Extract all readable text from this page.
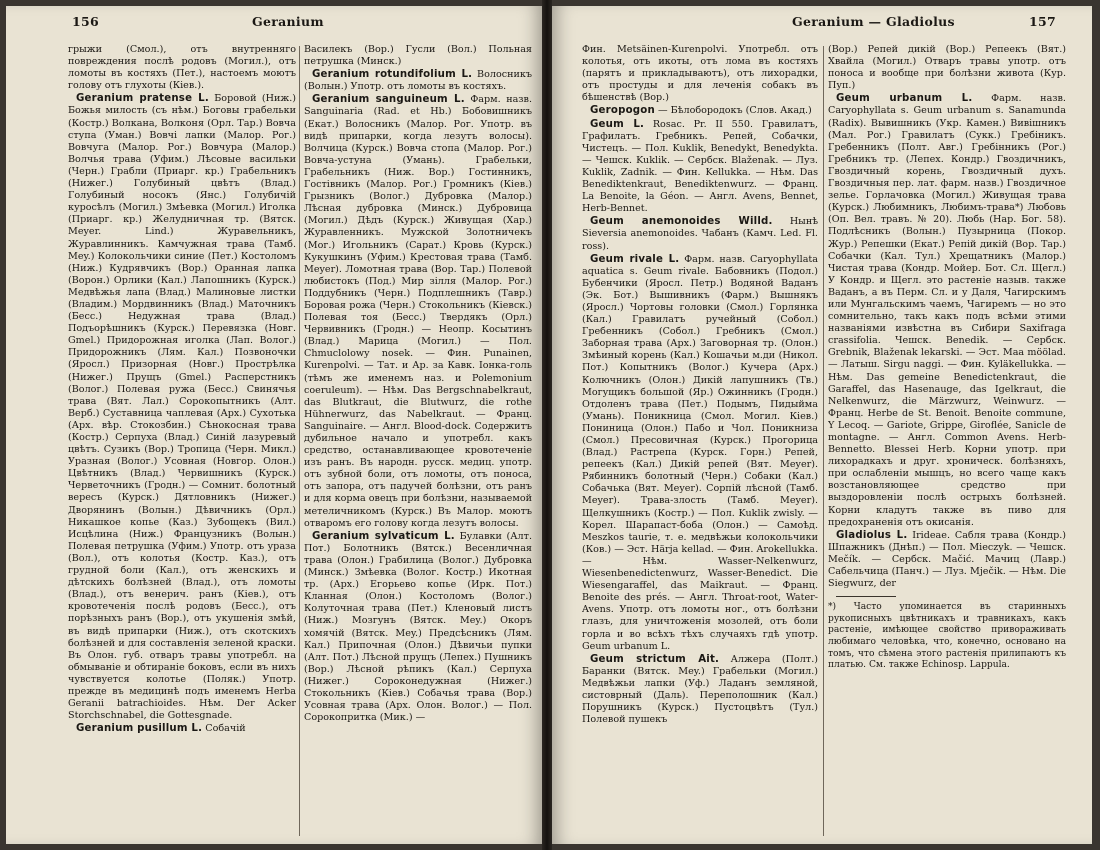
156	Geranium

грыжи (Смол.), отъ внутренняго повреждения послѣ родовъ (Могил.), отъ ломоты въ костяхъ (Пет.), настоемъ моютъ голову отъ глухоты (Кіев.).

Geranium pratense L. Боровой (Ниж.) Божья милость (съ нѣм.) Боговы грабельки (Костр.) Волкана, Волконя (Орл. Тар.) Вовча ступа (Уман.) Вовчі лапки (Малор. Рог.) Вовчуга (Малор. Рог.) Вовчура (Малор.) Волчья трава (Уфим.) Лѣсовые васильки (Черн.) Грабли (Приарг. кр.) Грабельникъ (Нижег.) Голубиный цвѣтъ (Влад.) Голубиный носокъ (Янс.) Голубичій куросѣлъ (Могил.) Змѣевка (Могил.) Иголка (Приарг. кр.) Желудничная тр. (Вятск. Meyer. Lind.) Журавельникъ, Журавлинникъ. Камчужная трава (Тамб. Mey.) Колокольчики синие (Пет.) Костоломъ (Ниж.) Кудрявчикъ (Вор.) Оранная лапка (Ворон.) Орлики (Кал.) Лапошникъ (Курск.) Медвѣжья лапа (Влад.) Малиновые листки (Владим.) Мордвинникъ (Влад.) Маточникъ (Бесс.) Недужная трава (Влад.) Подъорѣшникъ (Курск.) Перевязка (Новг. Gmel.) Придорожная иголка (Лап. Волог.) Придорожникъ (Лям. Кал.) Позвоночки (Яросл.) Призорная (Новг.) Прострѣлка (Нижег.) Прущъ (Gmel.) Расперстникъ (Волог.) Полевая ружа (Бесс.) Свинячья трава (Вят. Лал.) Сорокопытникъ (Алт. Верб.) Суставница чаплевая (Арх.) Сухотька (Арх. вѣр. Стокозбин.) Сѣнокосная трава (Костр.) Серпуха (Влад.) Синій лазуревый цвѣтъ. Сузикъ (Вор.) Тропица (Черн. Микл.) Уразная (Волог.) Усовная (Новгор. Олон.) Цвѣтникъ (Влад.) Червишникъ (Курск.) Черветочникъ (Гродн.) — Сомнит. болотный вересъ (Курск.) Дятловникъ (Нижег.) Дворянинъ (Волын.) Дѣвичникъ (Орл.) Никашкое копье (Каз.) Зубощекъ (Вил.) Исцѣлина (Ниж.) Французникъ (Волын.) Полевая петрушка (Уфим.) Употр. отъ ураза (Вол.), отъ колотья (Костр. Каз.), отъ грудной боли (Кал.), отъ женскихъ и дѣтскихъ болѣзней (Влад.), отъ ломоты (Влад.), отъ венерич. ранъ (Кiев.), отъ кровотеченія послѣ родовъ (Бесс.), отъ порѣзныхъ ранъ (Вор.), отъ укушенія змѣй, въ видѣ припарки (Ниж.), отъ скотскихъ болѣзней и для составленія зеленой краски. Въ Олон. губ. отваръ травы употребл. на обмываніе и обтираніе боковъ, если въ нихъ чувствуется колотье (Поляк.) Употр. прежде въ медицинѣ подъ именемъ Herba Geranii batrachioides. Нѣм. Der Acker Storchschnabel, die Gottesgnade.

Geranium pusillum L. Собачій

Василекъ (Вор.) Гусли (Вол.) Польная петрушка (Минск.)

Geranium rotundifolium L. Волосникъ (Волын.) Употр. отъ ломоты въ костяхъ.

Geranium sanguineum L. Фарм. назв. Sanguinaria (Rad. et Hb.) Бобовишникъ (Екат.) Волосникъ (Малор. Рог. Употр. въ видѣ припарки, когда лезутъ волосы). Волчица (Курск.) Вовча стопа (Малор. Рог.) Вовча-устуна (Умань). Грабельки, Грабельникъ (Ниж. Вор.) Гостинникъ, Гостівникъ (Малор. Рог.) Громникъ (Кіев.) Грызникъ (Волог.) Дубровка (Малор.) Лѣсная дубровка (Минск.) Дубровица (Могил.) Дѣдъ (Курск.) Живущая (Хар.) Журавленникъ. Мужской Золотничекъ (Мог.) Игольникъ (Сарат.) Кровь (Курск.) Кукушкинъ (Уфим.) Крестовая трава (Тамб. Meyer). Ломотная трава (Вор. Тар.) Полевой любистокъ (Под.) Мир зілля (Малор. Рог.) Поддубникъ (Черн.) Подплешникъ (Тавр.) Боровая рожа (Черн.) Стокольникъ (Кіевск.) Полевая тоя (Бесс.) Твердякъ (Орл.) Червивникъ (Гродн.) — Неопр. Косытинъ (Влад.) Марица (Могил.) — Пол. Chmuclolowy nosek. — Фин. Punainen, Kurenpolvi. — Тат. и Ар. за Кавк. Іонка-голь (тѣмъ же именемъ наз. и Polemonium coeruleum). — Нѣм. Das Bergschnabelkraut, das Blutkraut, die Blutwurz, die rothe Hühnerwurz, das Nabelkraut. — Франц. Sanguinaire. — Англ. Blood-dock. Содержитъ дубильное начало и употребл. какъ средство, останавливающее кровотеченіе изъ ранъ. Въ народн. русск. медиц. употр. отъ зубной боли, отъ ломоты, отъ поноса, отъ запора, отъ падучей болѣзни, отъ ранъ и для корма овецъ при болѣзни, называемой метеличникомъ (Курск.) Въ Малор. моютъ отваромъ его голову когда лезутъ волосы.

Geranium sylvaticum L. Булавки (Алт. Пот.) Болотникъ (Вятск.) Весенличная трава (Олон.) Грабилица (Волог.) Дубровка (Минск.) Змѣевка (Волог. Костр.) Икотная тр. (Арх.) Егорьево копье (Ирк. Пот.) Кланная (Олон.) Костоломъ (Волог.) Колуточная трава (Пет.) Кленовый листъ (Ниж.) Мозгунъ (Вятск. Мey.) Окоръ хомячій (Вятск. Мey.) Предсѣсникъ (Лям. Кал.) Припочная (Олон.) Дѣвичьи пупки (Алт. Пот.) Лѣсной прущъ (Лепех.) Пушникъ (Вор.) Лѣсной рѣпикъ (Кал.) Серпуха (Нижег.) Сороконедужная (Нижег.) Стокольникъ (Кіев.) Собачья трава (Вор.) Усовная трава (Арх. Олон. Волог.) — Пол. Сорокопритка (Мик.) —

Geranium — Gladiolus	157

Фин. Metsäinen-Kurenpolvi. Употребл. отъ колотья, отъ икоты, отъ лома въ костяхъ (парятъ и прикладываютъ), отъ лихорадки, отъ простуды и для леченія собакъ въ бѣшенствѣ (Вор.)

Geropogon — Бѣлобородокъ (Слов. Акад.)

Geum L. Rosac. Pr. II 550. Гравилатъ, Графилатъ. Гребникъ. Репей, Собачки, Чистецъ. — Пол. Kuklik, Benedykt, Benedykta. — Чешск. Kuklik. — Сербск. Blaženak. — Луз. Kuklik, Zadnik. — Фин. Kellukka. — Нѣм. Das Benediktenkraut, Benediktenwurz. — Франц. La Benoite, la Géon. — Англ. Avens, Bennet, Herb-Bennet.

Geum anemonoides Willd. Нынѣ Sieversia anemonoides. Чабанъ (Камч. Led. Fl. ross).

Geum rivale L. Фарм. назв. Caryophyllata aquatica s. Geum rivale. Бабовникъ (Подол.) Бубенчики (Яросл. Петр.) Водяной Ваданъ (Эк. Бот.) Вышивникъ (Фарм.) Вышнякъ (Яросл.) Чортовы головки (Смол.) Горлянка (Кал.) Гравилатъ ручейный (Собол.) Гребенникъ (Собол.) Гребникъ (Смол.) Заборная трава (Арх.) Заговорная тр. (Олон.) Змѣиный корень (Кал.) Кошачьи м.ди (Никол. Пот.) Копытникъ (Волог.) Кучера (Арх.) Колючникъ (Олон.) Дикій лапушникъ (Тв.) Могущикъ большой (Яр.) Ожинникъ (Гродн.) Отдоленъ трава (Пет.) Подымъ, Пидыйма (Умань). Поникница (Смол. Могил. Кіев.) Пониница (Олон.) Пабо и Чол. Поникниза (Смол.) Пресовичная (Курск.) Прогорица (Влад.) Растрепа (Курск. Горн.) Репей, репеекъ (Кал.) Дикій репей (Вят. Meyer). Рябинникъ болотный (Черн.) Собаки (Кал.) Собачька (Вят. Meyer). Сорпій лѣсной (Тамб. Meyer). Трава-злость (Тамб. Meyer). Щелкушникъ (Костр.) — Пол. Kuklik zwisly. — Корел. Шарапаст-боба (Олон.) — Самоѣд. Mеszkos taurie, т. е. медвѣжьи колокольчики (Ков.) — Эст. Härja kellad. — Фин. Arokellukka. — Нѣм. Wasser-Nelkenwurz, Wiesenbenedictenwurz, Wasser-Benedict. Die Wiesengaraffel, das Maikraut. — Франц. Benoite des prés. — Англ. Throat-root, Water-Avens. Употр. отъ ломоты ног., отъ болѣзни глазъ, для уничтоженія мозолей, отъ боли горла и во всѣхъ тѣхъ случаяхъ гдѣ употр. Geum urbanum L.

Geum strictum Ait. Алжера (Полт.) Баранки (Вятск. Мey.) Грабельки (Могил.) Медвѣжьи лапки (Уф.) Ладанъ земляной, систоврный (Даль). Переполошник (Кал.) Порушникъ (Курск.) Пустоцвѣтъ (Тул.) Полевой пушекъ

(Вор.) Репей дикій (Вор.) Репеекъ (Вят.) Хвайла (Могил.) Отваръ травы употр. отъ поноса и вообще при болѣзни живота (Кур. Пуп.)

Geum urbanum L. Фарм. назв. Caryophyllata s. Geum urbanum s. Sanamunda (Radix). Вывишникъ (Укр. Камен.) Вивішникъ (Мал. Рог.) Гравилатъ (Сукк.) Гребіникъ. Гребенникъ (Полт. Авг.) Гребінникъ (Рог.) Гребникъ тр. (Лепех. Кондр.) Гвоздичникъ, Гвоздичный корень, Гвоздичный духъ. Гвоздичныя пер. лат. фарм. назв.) Гвоздичное зелье. Горлачовка (Могил.) Живущая трава (Курск.) Любимникъ, Любимъ-трава*) Любовь (Оп. Вел. травъ. № 20). Любь (Нар. Бог. 58). Подлѣсникъ (Волын.) Пузырница (Покор. Жур.) Репешки (Екат.) Репій дикій (Вор. Тар.) Собачки (Кал. Тул.) Хрещатникъ (Малор.) Чистая трава (Кондр. Мойер. Бот. Сл. Щегл.) У Кондр. и Щегл. это растеніе назыв. также Ваданъ, а въ Перм. Сл. и у Даля, Чагирскимъ или Мунгальскимъ чаемъ, Чагиремъ — но это сомнительно, такъ какъ подъ всѣми этими названіями извѣстна въ Сибири Saxifraga crassifolia. Чешск. Benedik. — Сербск. Grebnik, Blaženak lekarski. — Эст. Maa möölad. — Латыш. Sirgu naggi. — Фин. Kyläkellukka. — Нѣм. Das gemeine Benedictenkraut, die Garaffel, das Hasenauge, das Igelkraut, die Nelkenwurz, die Märzwurz, Weinwurz. — Франц. Herbe de St. Benoit. Benoite commune, Y Lecoq. — Gariote, Grippe, Giroflée, Sanicle de montagne. — Англ. Common Avens. Herb-Bennetto. Blessei Herb. Корни употр. при лихорадкахъ и друг. хроническ. болѣзняхъ, при ослабленіи мышцъ, но всего чаще какъ возстановляющее средство при выздоровленіи послѣ острыхъ болѣзней. Корни кладутъ также въ пиво для предохраненія отъ окисанія.

Gladiolus L. Irideae. Сабля трава (Кондр.) Шпажникъ (Днѣп.) — Пол. Mieczyk. — Чешск. Mečík. — Сербск. Mačić. Мачиц (Лавр.) Сабельчица (Панч.) — Луз. Mječik. — Нѣм. Die Siegwurz, der

*) Часто упоминается въ старинныхъ рукописныхъ цвѣтникахъ и травникахъ, какъ растеніе, имѣющее свойство привораживать любимаго человѣка, что, конечно, основано на томъ, что сѣмена этого растенія прилипаютъ къ платью. См. также Echinosp. Lappula.
